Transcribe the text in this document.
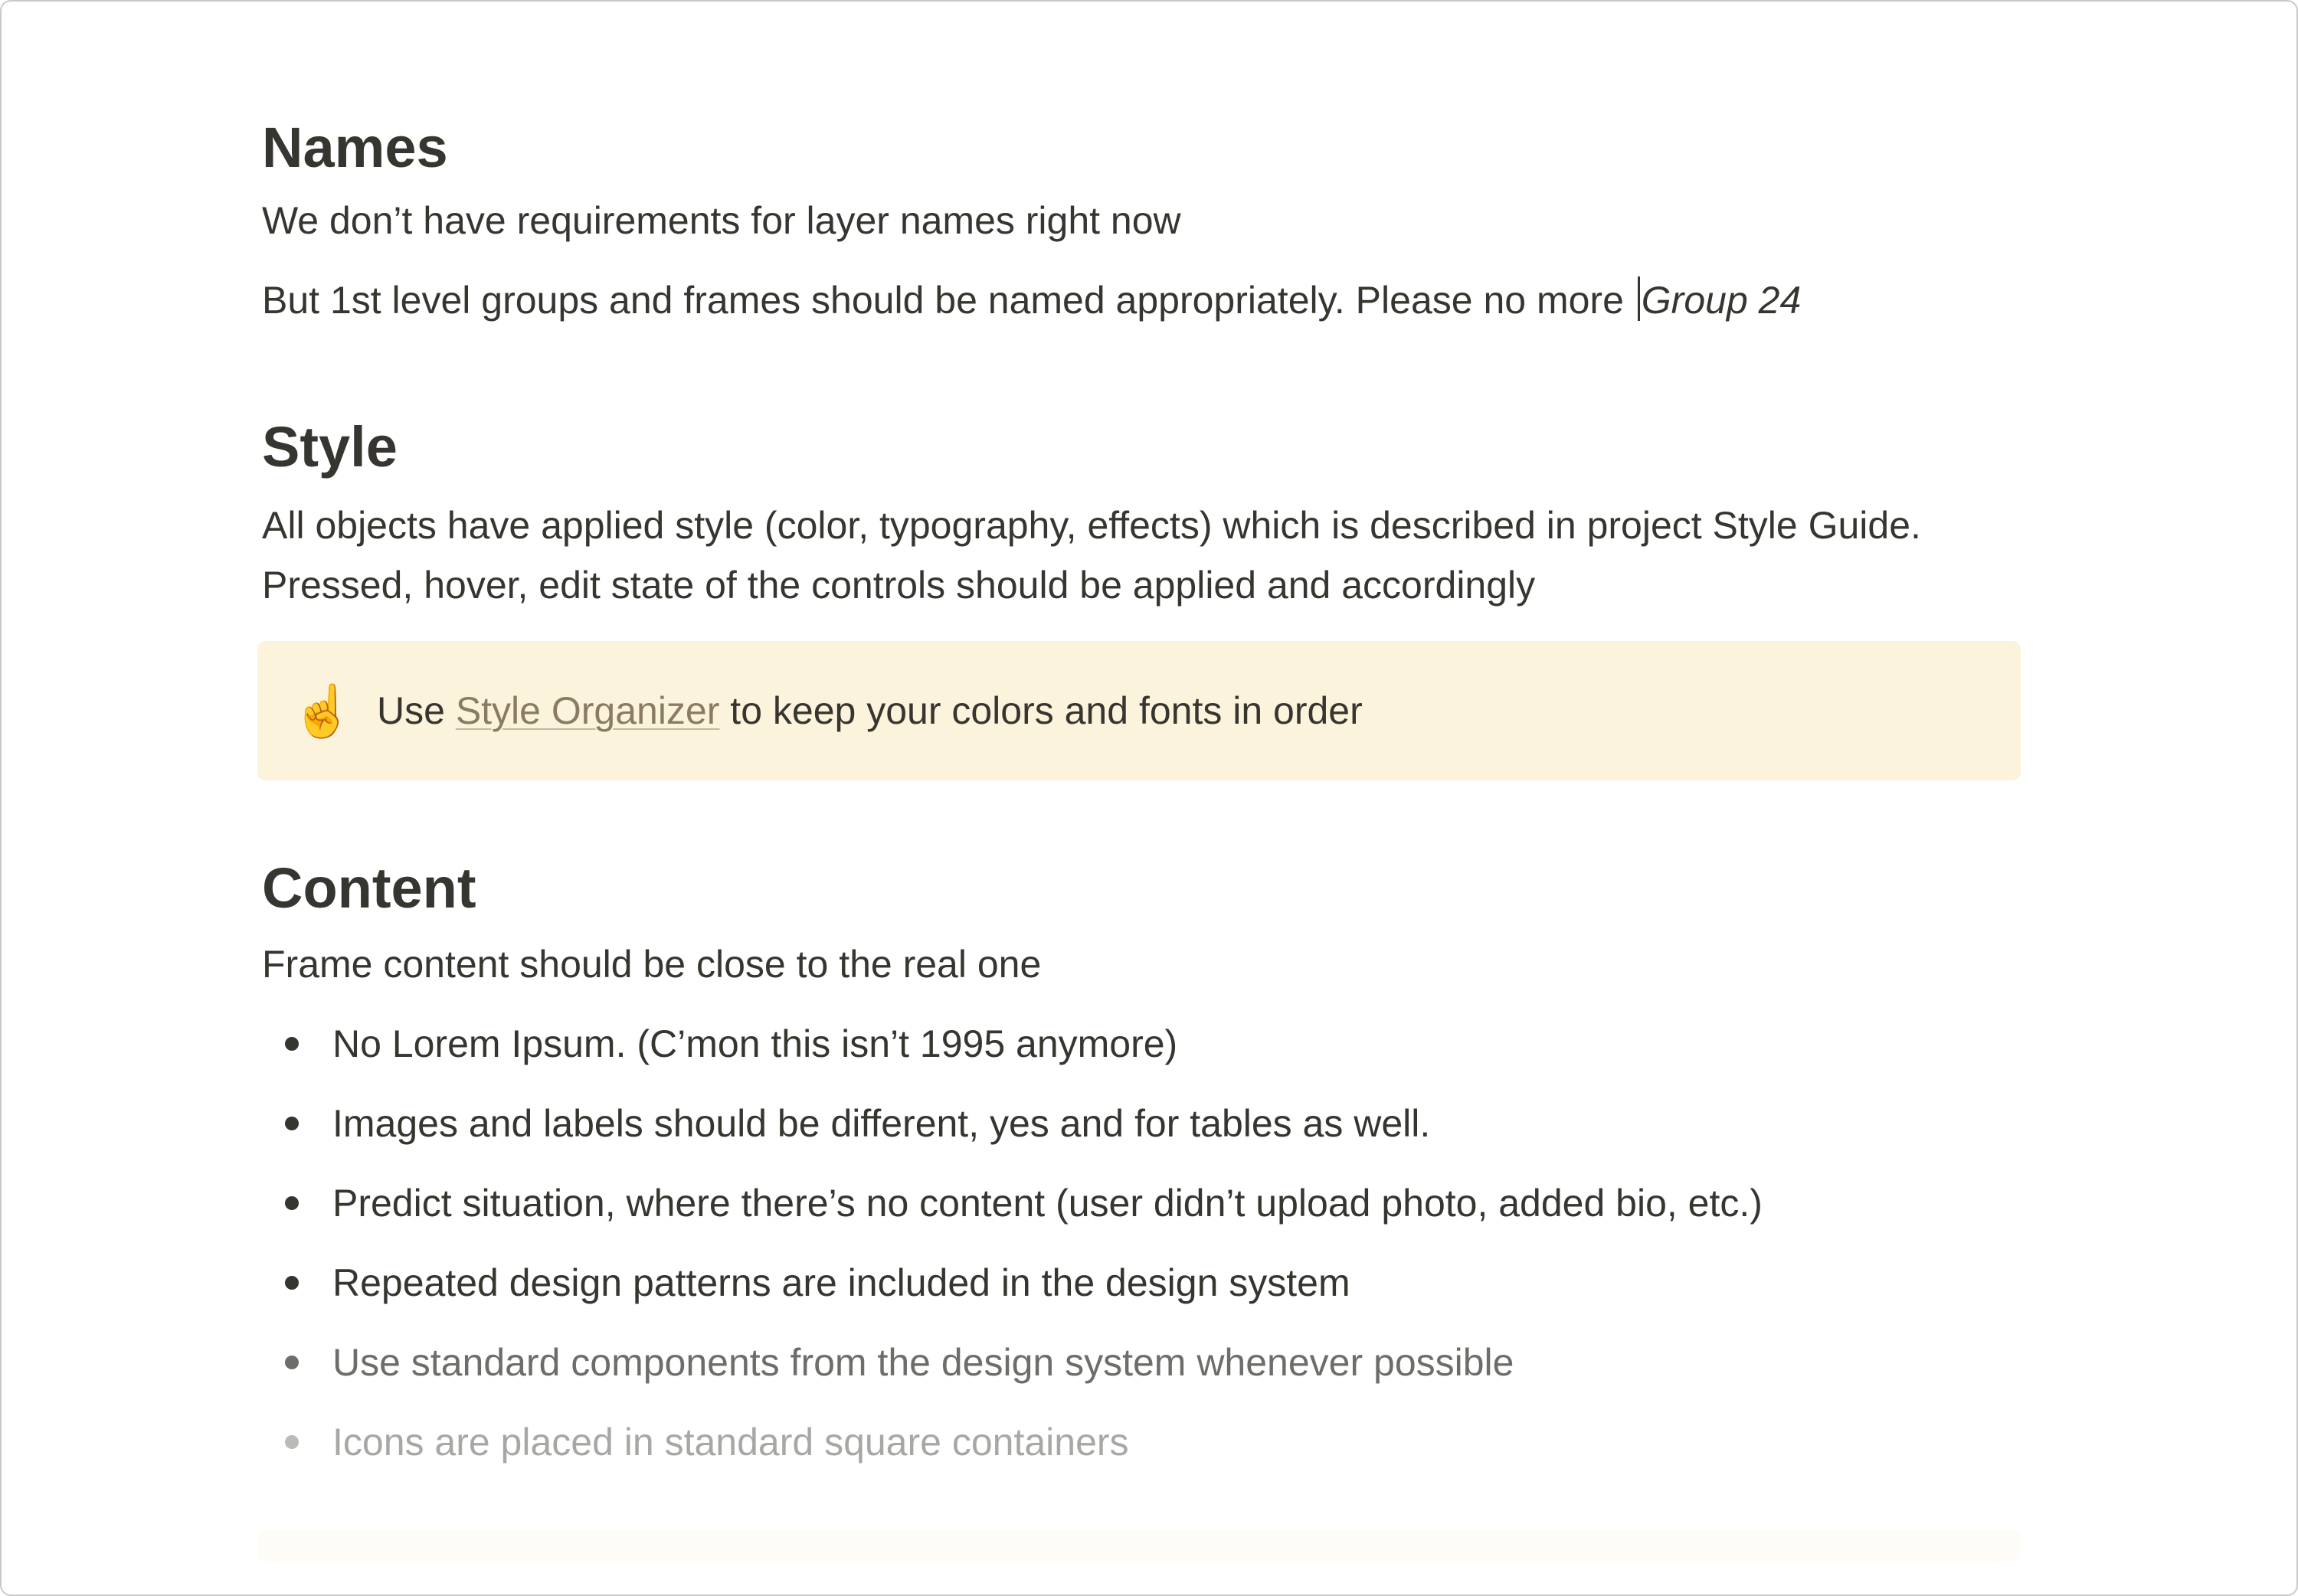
Names

We don’t have requirements for layer names right now

But 1st level groups and frames should be named appropriately. Please no more Group 24

Style

All objects have applied style (color, typography, effects) which is described in project Style Guide. Pressed, hover, edit state of the controls should be applied and accordingly

☝️ Use Style Organizer to keep your colors and fonts in order
Content

Frame content should be close to the real one

No Lorem Ipsum. (C’mon this isn’t 1995 anymore)
Images and labels should be different, yes and for tables as well.
Predict situation, where there’s no content (user didn’t upload photo, added bio, etc.)
Repeated design patterns are included in the design system
Use standard components from the design system whenever possible
Icons are placed in standard square containers
